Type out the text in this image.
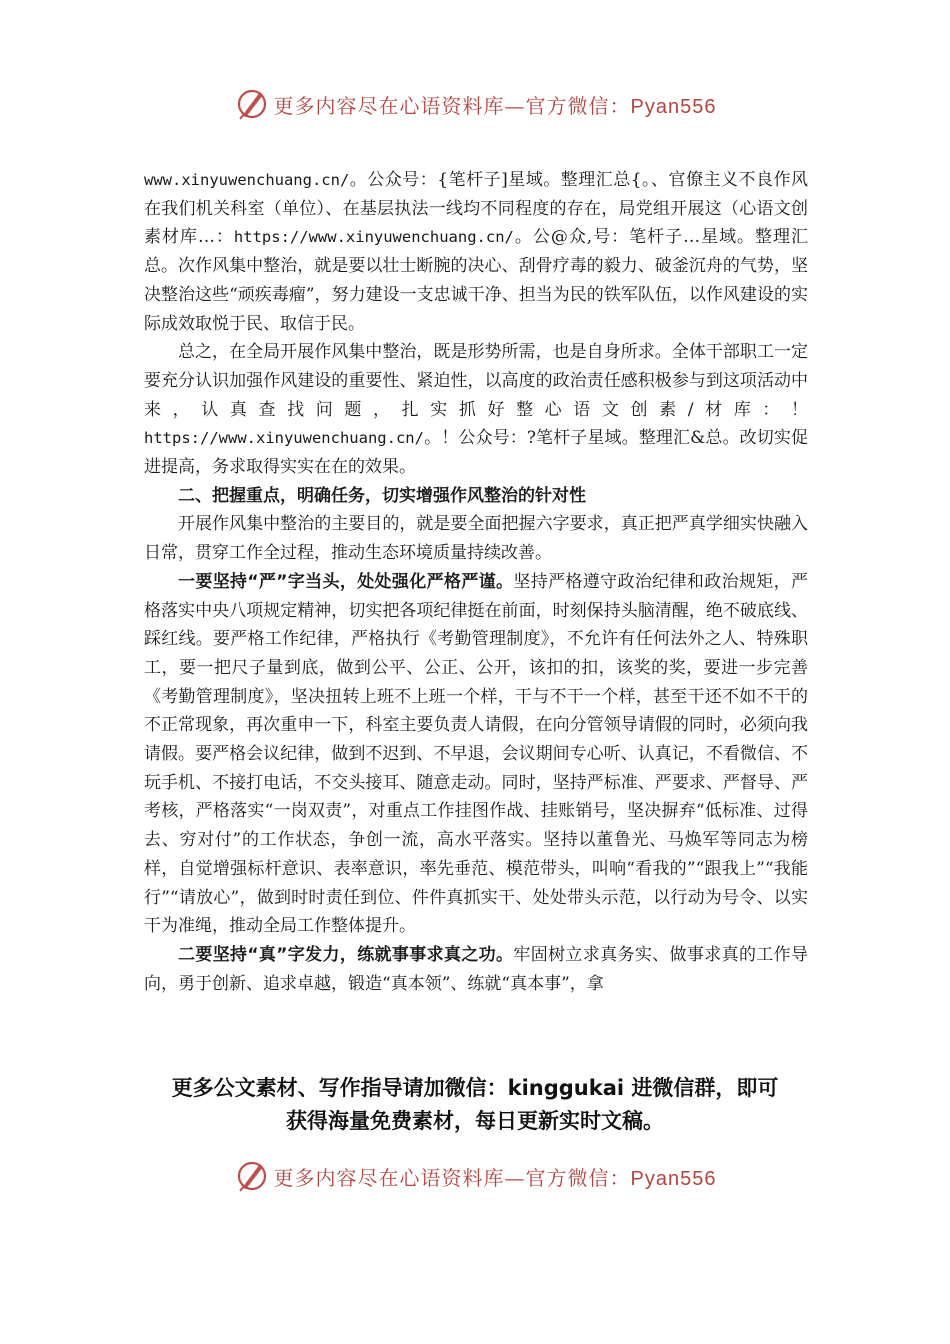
更多内容尽在心语资料库—官方微信：Pyan556

www.xinyuwenchuang.cn/。公众号：{笔杆子]星域。整理汇总{。、官僚主义不良作风在我们机关科室（单位）、在基层执法一线均不同程度的存在，局党组开展这（心语文创素材库…：https://www.xinyuwenchuang.cn/。公@众,号：笔杆子…星域。整理汇总。次作风集中整治，就是要以壮士断腕的决心、刮骨疗毒的毅力、破釜沉舟的气势，坚决整治这些“顽疾毒瘤”，努力建设一支忠诚干净、担当为民的铁军队伍，以作风建设的实际成效取悦于民、取信于民。

总之，在全局开展作风集中整治，既是形势所需，也是自身所求。全体干部职工一定要充分认识加强作风建设的重要性、紧迫性，以高度的政治责任感积极参与到这项活动中来，认真查找问题，扎实抓好整心语文创素/材库：！https://www.xinyuwenchuang.cn/。！公众号：?笔杆子星域。整理汇&总。改切实促进提高，务求取得实实在在的效果。

二、把握重点，明确任务，切实增强作风整治的针对性

开展作风集中整治的主要目的，就是要全面把握六字要求，真正把严真学细实快融入日常，贯穿工作全过程，推动生态环境质量持续改善。

一要坚持“严”字当头，处处强化严格严谨。坚持严格遵守政治纪律和政治规矩，严格落实中央八项规定精神，切实把各项纪律挺在前面，时刻保持头脑清醒，绝不破底线、踩红线。要严格工作纪律，严格执行《考勤管理制度》，不允许有任何法外之人、特殊职工，要一把尺子量到底，做到公平、公正、公开，该扣的扣，该奖的奖，要进一步完善《考勤管理制度》，坚决扭转上班不上班一个样，干与不干一个样，甚至干还不如不干的不正常现象，再次重申一下，科室主要负责人请假，在向分管领导请假的同时，必须向我请假。要严格会议纪律，做到不迟到、不早退，会议期间专心听、认真记，不看微信、不玩手机、不接打电话，不交头接耳、随意走动。同时，坚持严标准、严要求、严督导、严考核，严格落实“一岗双责”，对重点工作挂图作战、挂账销号，坚决摒弃“低标准、过得去、穷对付”的工作状态，争创一流，高水平落实。坚持以董鲁光、马焕军等同志为榜样，自觉增强标杆意识、表率意识，率先垂范、模范带头，叫响“看我的”“跟我上”“我能行”“请放心”，做到时时责任到位、件件真抓实干、处处带头示范，以行动为号令、以实干为准绳，推动全局工作整体提升。

二要坚持“真”字发力，练就事事求真之功。牢固树立求真务实、做事求真的工作导向，勇于创新、追求卓越，锻造“真本领”、练就“真本事”，拿

更多公文素材、写作指导请加微信：kinggukai 进微信群，即可
获得海量免费素材，每日更新实时文稿。
更多内容尽在心语资料库—官方微信：Pyan556
